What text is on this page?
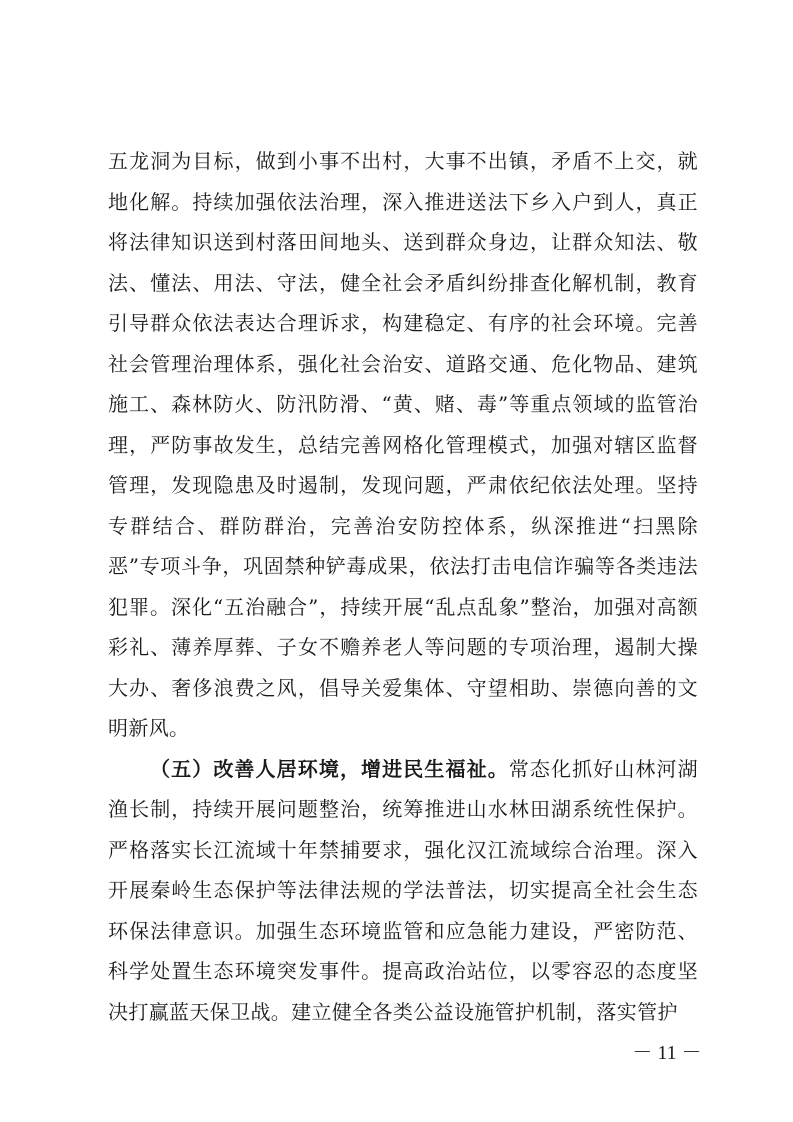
五龙洞为目标，做到小事不出村，大事不出镇，矛盾不上交，就地化解。持续加强依法治理，深入推进送法下乡入户到人，真正将法律知识送到村落田间地头、送到群众身边，让群众知法、敬法、懂法、用法、守法，健全社会矛盾纠纷排查化解机制，教育引导群众依法表达合理诉求，构建稳定、有序的社会环境。完善社会管理治理体系，强化社会治安、道路交通、危化物品、建筑施工、森林防火、防汛防滑、“黄、赌、毒”等重点领域的监管治理，严防事故发生，总结完善网格化管理模式，加强对辖区监督管理，发现隐患及时遏制，发现问题，严肃依纪依法处理。坚持专群结合、群防群治，完善治安防控体系，纵深推进“扫黑除恶”专项斗争，巩固禁种铲毒成果，依法打击电信诈骗等各类违法犯罪。深化“五治融合”，持续开展“乱点乱象”整治，加强对高额彩礼、薄养厚葬、子女不赡养老人等问题的专项治理，遏制大操大办、奢侈浪费之风，倡导关爱集体、守望相助、崇德向善的文明新风。

（五）改善人居环境，增进民生福祉。常态化抓好山林河湖渔长制，持续开展问题整治，统筹推进山水林田湖系统性保护。严格落实长江流域十年禁捕要求，强化汉江流域综合治理。深入开展秦岭生态保护等法律法规的学法普法，切实提高全社会生态环保法律意识。加强生态环境监管和应急能力建设，严密防范、科学处置生态环境突发事件。提高政治站位，以零容忍的态度坚决打赢蓝天保卫战。建立健全各类公益设施管护机制，落实管护

－ 11 －
